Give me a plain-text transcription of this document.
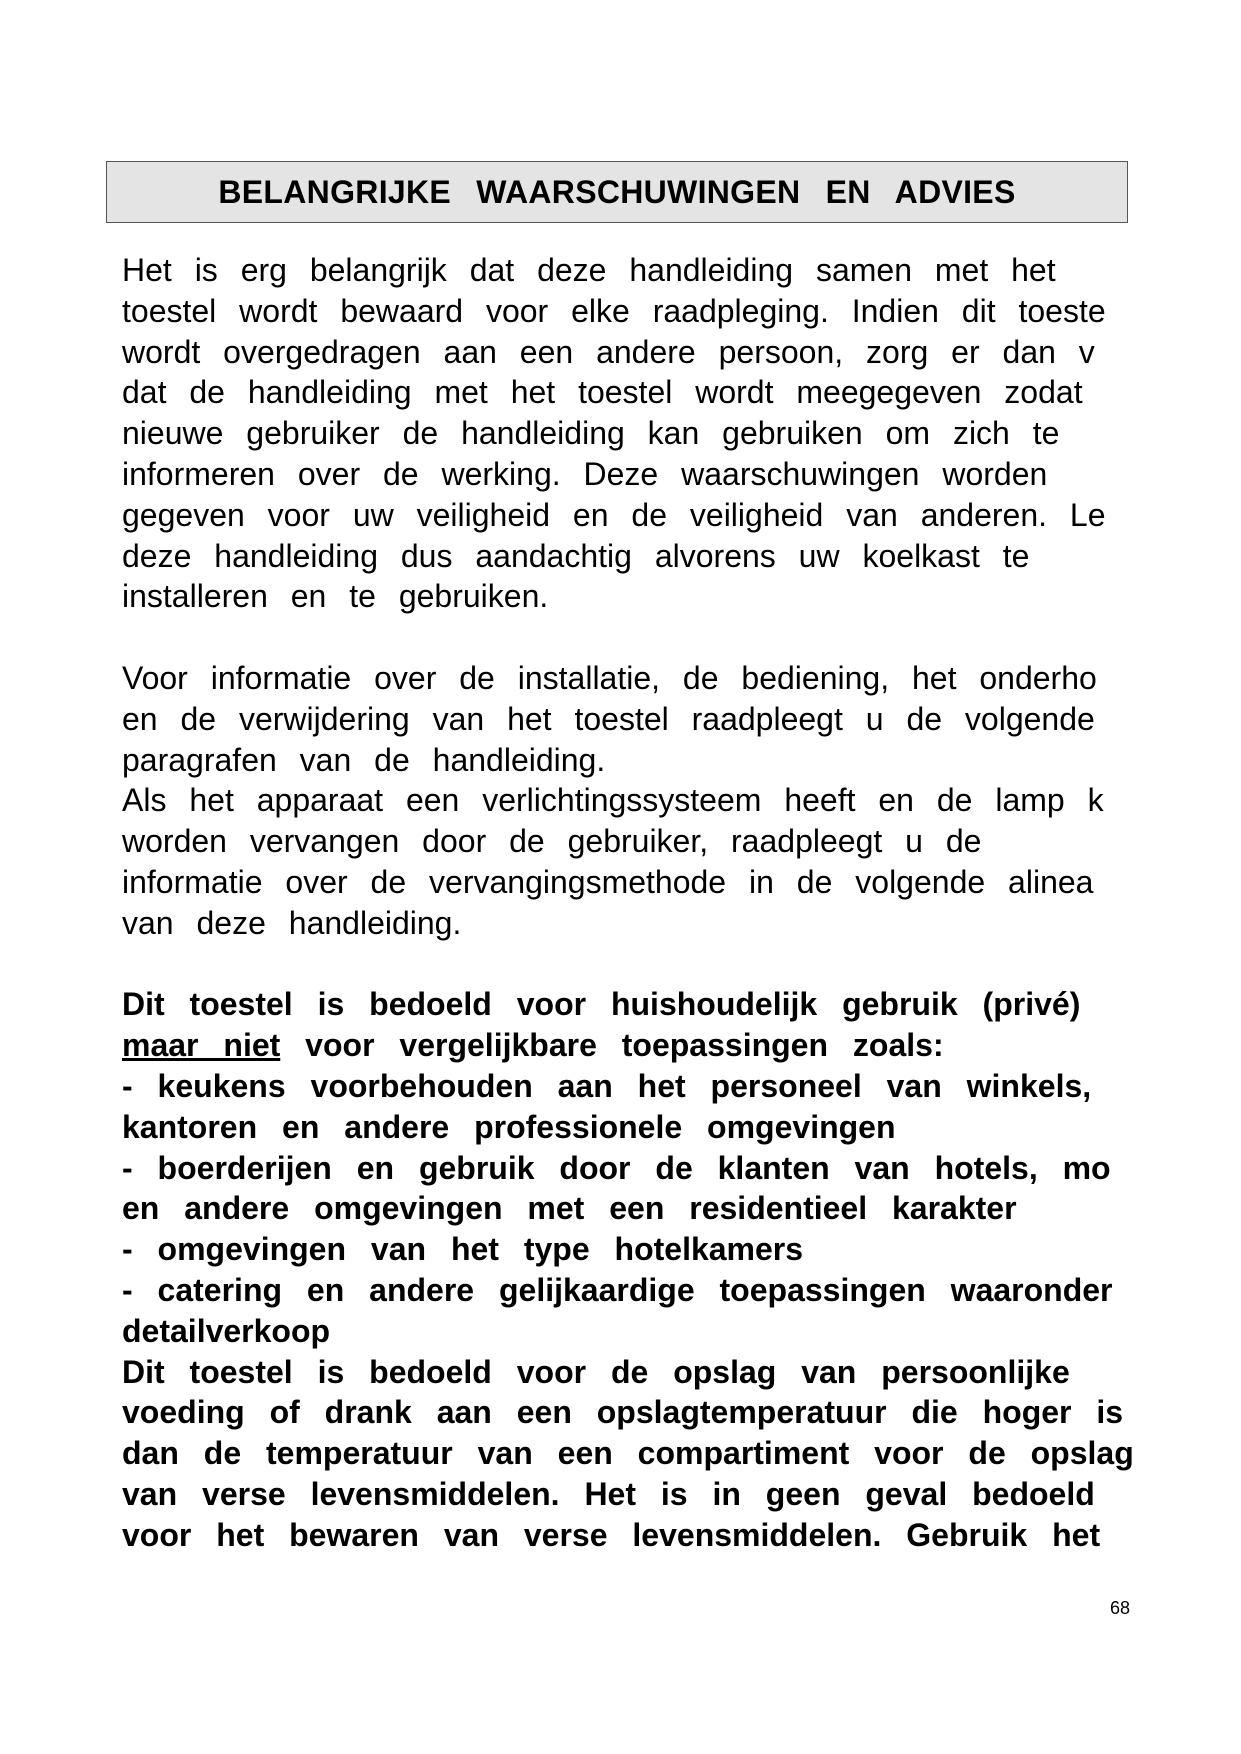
BELANGRIJKE WAARSCHUWINGEN EN ADVIES
Het is erg belangrijk dat deze handleiding samen met het
toestel wordt bewaard voor elke raadpleging. Indien dit toeste
wordt overgedragen aan een andere persoon, zorg er dan v
dat de handleiding met het toestel wordt meegegeven zodat
nieuwe gebruiker de handleiding kan gebruiken om zich te
informeren over de werking. Deze waarschuwingen worden
gegeven voor uw veiligheid en de veiligheid van anderen. Le
deze handleiding dus aandachtig alvorens uw koelkast te
installeren en te gebruiken.
Voor informatie over de installatie, de bediening, het onderho
en de verwijdering van het toestel raadpleegt u de volgende
paragrafen van de handleiding.
Als het apparaat een verlichtingssysteem heeft en de lamp k
worden vervangen door de gebruiker, raadpleegt u de
informatie over de vervangingsmethode in de volgende alinea
van deze handleiding.
Dit toestel is bedoeld voor huishoudelijk gebruik (privé)
maar niet voor vergelijkbare toepassingen zoals:
- keukens voorbehouden aan het personeel van winkels,
kantoren en andere professionele omgevingen
- boerderijen en gebruik door de klanten van hotels, mo
en andere omgevingen met een residentieel karakter
- omgevingen van het type hotelkamers
- catering en andere gelijkaardige toepassingen waaronder
detailverkoop
Dit toestel is bedoeld voor de opslag van persoonlijke
voeding of drank aan een opslagtemperatuur die hoger is
dan de temperatuur van een compartiment voor de opslag
van verse levensmiddelen. Het is in geen geval bedoeld
voor het bewaren van verse levensmiddelen. Gebruik het
68
